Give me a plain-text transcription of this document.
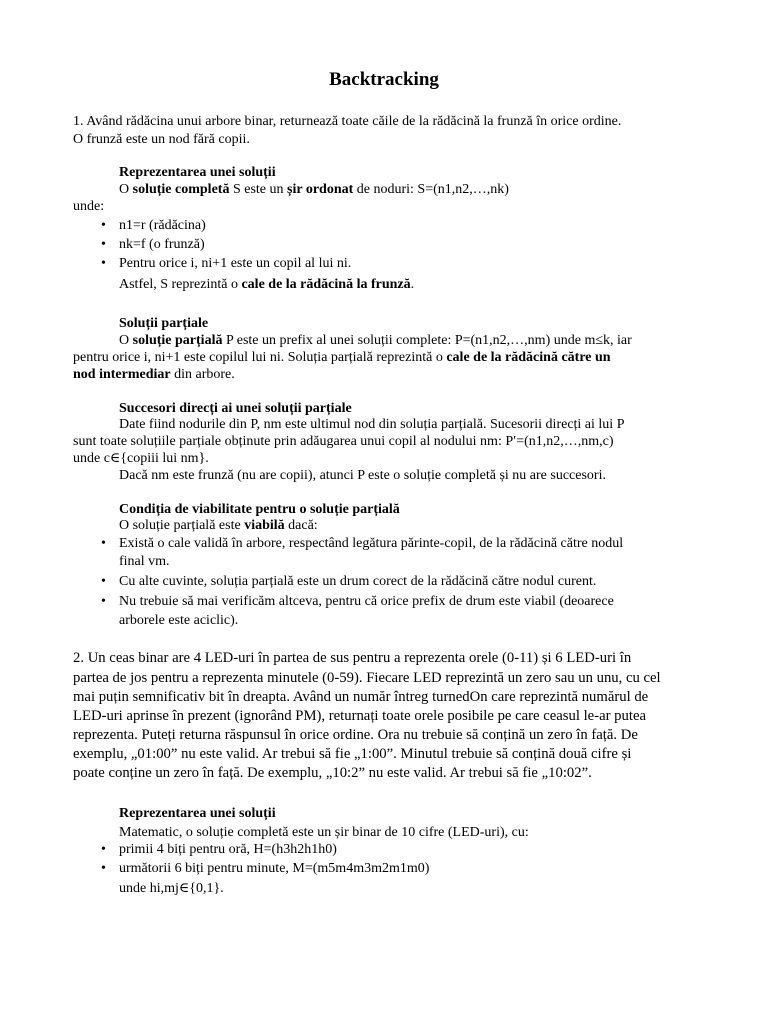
Backtracking
1. Având rădăcina unui arbore binar, returnează toate căile de la rădăcină la frunză în orice ordine.
O frunză este un nod fără copii.
Reprezentarea unei soluții
O soluție completă S este un șir ordonat de noduri: S=(n1,n2,…,nk)
unde:
• n1=r (rădăcina)
• nk=f (o frunză)
• Pentru orice i, ni+1 este un copil al lui ni.
Astfel, S reprezintă o cale de la rădăcină la frunză.
Soluții parțiale
O soluție parțială P este un prefix al unei soluții complete: P=(n1,n2,…,nm) unde m≤k, iar
pentru orice i, ni+1 este copilul lui ni. Soluția parțială reprezintă o cale de la rădăcină către un
nod intermediar din arbore.
Succesori direcți ai unei soluții parțiale
Date fiind nodurile din P, nm este ultimul nod din soluția parțială. Sucesorii direcți ai lui P
sunt toate soluțiile parțiale obținute prin adăugarea unui copil al nodului nm: P′=(n1,n2,…,nm,c)
unde c∈{copiii lui nm}.
Dacă nm este frunză (nu are copii), atunci P este o soluție completă și nu are succesori.
Condiția de viabilitate pentru o soluție parțială
O soluție parțială este viabilă dacă:
• Există o cale validă în arbore, respectând legătura părinte-copil, de la rădăcină către nodul
final vm.
• Cu alte cuvinte, soluția parțială este un drum corect de la rădăcină către nodul curent.
• Nu trebuie să mai verificăm altceva, pentru că orice prefix de drum este viabil (deoarece
arborele este aciclic).
2. Un ceas binar are 4 LED-uri în partea de sus pentru a reprezenta orele (0-11) și 6 LED-uri în
partea de jos pentru a reprezenta minutele (0-59). Fiecare LED reprezintă un zero sau un unu, cu cel
mai puțin semnificativ bit în dreapta. Având un număr întreg turnedOn care reprezintă numărul de
LED-uri aprinse în prezent (ignorând PM), returnați toate orele posibile pe care ceasul le-ar putea
reprezenta. Puteți returna răspunsul în orice ordine. Ora nu trebuie să conțină un zero în față. De
exemplu, „01:00” nu este valid. Ar trebui să fie „1:00”. Minutul trebuie să conțină două cifre și
poate conține un zero în față. De exemplu, „10:2” nu este valid. Ar trebui să fie „10:02”.
Reprezentarea unei soluții
Matematic, o soluție completă este un șir binar de 10 cifre (LED-uri), cu:
• primii 4 biți pentru oră, H=(h3h2h1h0)
• următorii 6 biți pentru minute, M=(m5m4m3m2m1m0)
unde hi,mj∈{0,1}.
